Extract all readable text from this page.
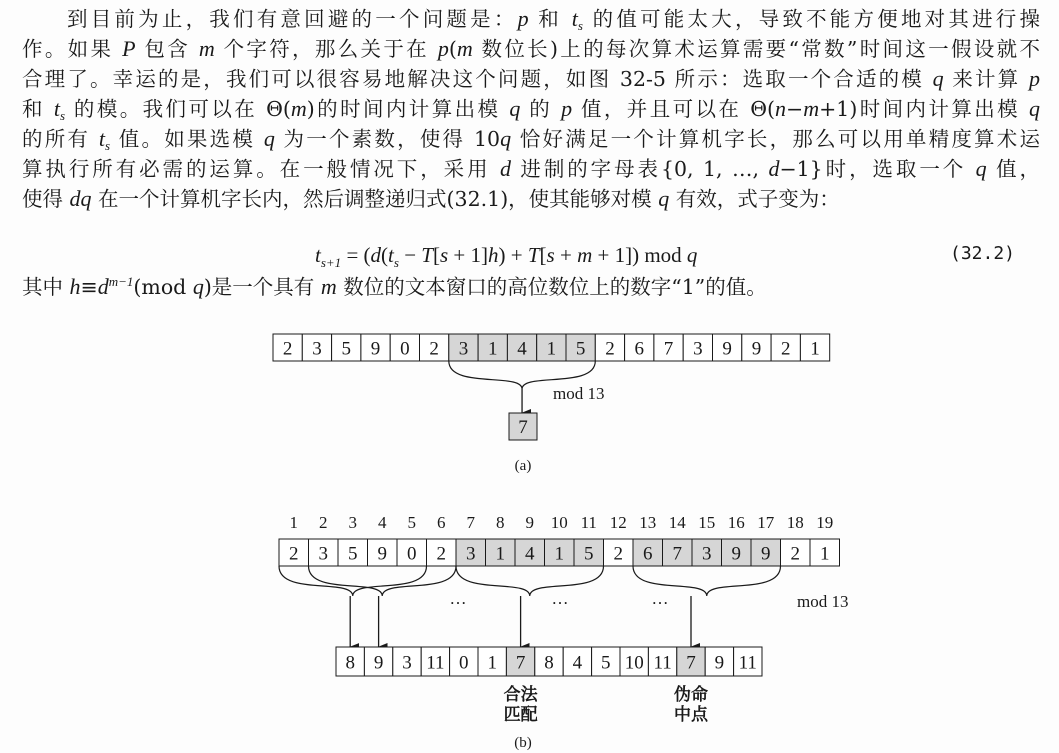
到目前为止，我们有意回避的一个问题是：p 和 $t_s$ 的值可能太大，导致不能方便地对其进行操
作。如果 P 包含 m 个字符，那么关于在 p(m 数位长)上的每次算术运算需要“常数”时间这一假设就不
合理了。幸运的是，我们可以很容易地解决这个问题，如图 32-5 所示：选取一个合适的模 q 来计算 p
和 $t_s$ 的模。我们可以在 Θ(m)的时间内计算出模 q 的 p 值，并且可以在 Θ(n−m+1)时间内计算出模 q
的所有 $t_s$ 值。如果选模 q 为一个素数，使得 10q 恰好满足一个计算机字长，那么可以用单精度算术运
算执行所有必需的运算。在一般情况下，采用 d 进制的字母表{0, 1, …, d−1}时，选取一个 q 值，
使得 dq 在一个计算机字长内，然后调整递归式(32.1)，使其能够对模 q 有效，式子变为：
$t_{s+1} = (d(t_s - T[s + 1]h) + T[s + m + 1])$ mod q	(32.2)
其中 $h\equiv d^{m-1}(mod$ q)是一个具有 m 数位的文本窗口的高位数位上的数字“1”的值。
2 3 5 9 0 2 3 1 4 1 5 2 6 7 3 9 9 2 1
mod 13
7
(a)
1 2 3 4 5 6 7 8 9 10 11 12 13 14 15 16 17 18 19
2 3 5 9 0 2 3 1 4 1 5 2 6 7 3 9 9 2 1
…	…	…	mod 13
8 9 3 11 0 1 7 8 4 5 10 11 7 9 11
合法
匹配
伪命
中点
(b)
